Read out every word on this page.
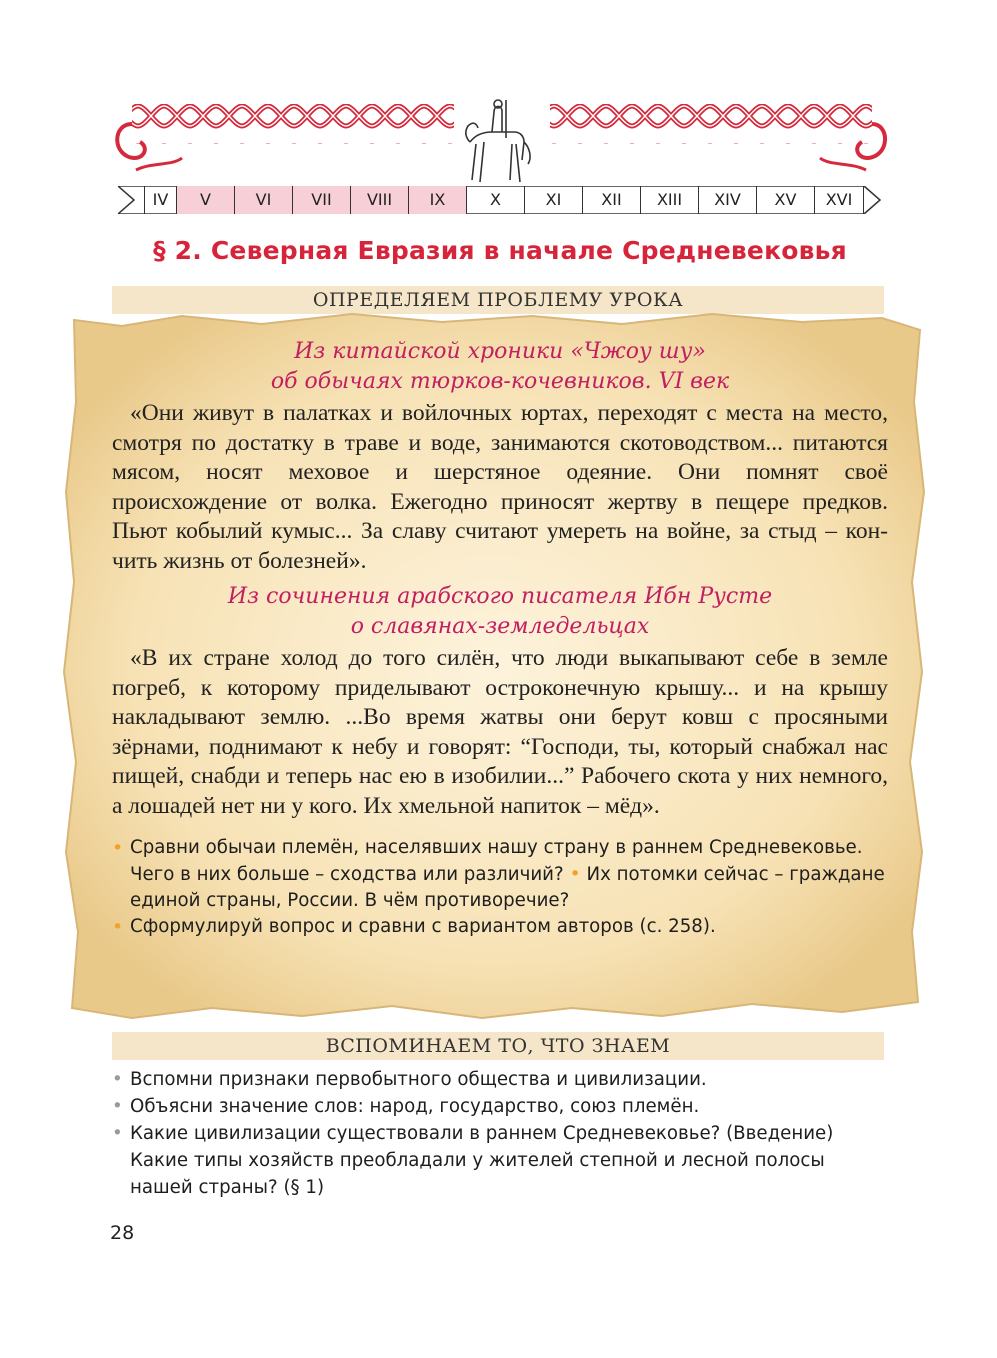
IV	V	VI	VII	VIII	IX	X	XI	XII	XIII	XIV	XV	XVI
§ 2. Северная Евразия в начале Средневековья
ОПРЕДЕЛЯЕМ ПРОБЛЕМУ УРОКА
Из китайской хроники «Чжоу шу»
об обычаях тюрков-кочевников. VI век

«Они живут в палатках и войлочных юртах, переходят с места на место, смотря по достатку в траве и воде, занимаются скотоводством... питаются мясом, носят меховое и шерстяное одеяние. Они помнят своё происхождение от волка. Ежегодно приносят жертву в пещере предков. Пьют кобылий кумыс... За славу считают умереть на войне, за стыд – кончить жизнь от болезней».

Из сочинения арабского писателя Ибн Русте
о славянах-земледельцах

«В их стране холод до того силён, что люди выкапывают себе в земле погреб, к которому приделывают остроконечную крышу... и на крышу накладывают землю. ...Во время жатвы они берут ковш с просяными зёрнами, поднимают к небу и говорят: “Господи, ты, который снабжал нас пищей, снабди и теперь нас ею в изобилии...” Рабочего скота у них немного, а лошадей нет ни у кого. Их хмельной напиток – мёд».

• Сравни обычаи племён, населявших нашу страну в раннем Средневековье. Чего в них больше – сходства или различий? • Их потомки сейчас – граждане единой страны, России. В чём противоречие?
• Сформулируй вопрос и сравни с вариантом авторов (с. 258).
ВСПОМИНАЕМ ТО, ЧТО ЗНАЕМ
• Вспомни признаки первобытного общества и цивилизации.
• Объясни значение слов: народ, государство, союз племён.
• Какие цивилизации существовали в раннем Средневековье? (Введение) Какие типы хозяйств преобладали у жителей степной и лесной полосы нашей страны? (§ 1)
28
